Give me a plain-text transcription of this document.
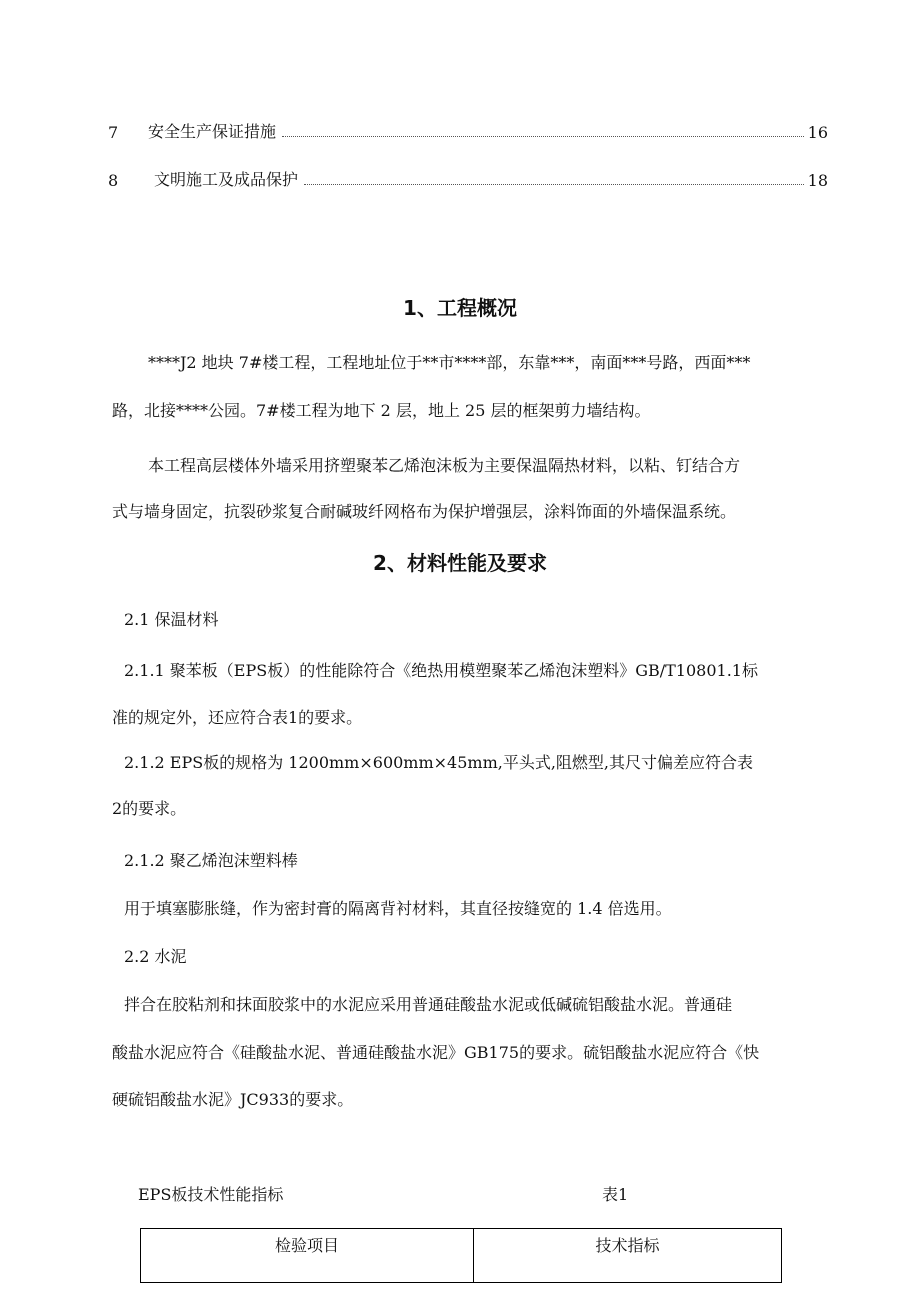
7	安全生产保证措施	16
8	文明施工及成品保护	18
1、工程概况
****J2 地块 7#楼工程，工程地址位于**市****部，东靠***，南面***号路，西面***
路，北接****公园。7#楼工程为地下 2 层，地上 25 层的框架剪力墙结构。
本工程高层楼体外墙采用挤塑聚苯乙烯泡沫板为主要保温隔热材料，以粘、钉结合方
式与墙身固定，抗裂砂浆复合耐碱玻纤网格布为保护增强层，涂料饰面的外墙保温系统。
2、材料性能及要求
2.1 保温材料
2.1.1 聚苯板（EPS板）的性能除符合《绝热用模塑聚苯乙烯泡沫塑料》GB/T10801.1标
准的规定外，还应符合表1的要求。
2.1.2 EPS板的规格为 1200mm×600mm×45mm,平头式,阻燃型,其尺寸偏差应符合表
2的要求。
2.1.2 聚乙烯泡沫塑料棒
用于填塞膨胀缝，作为密封膏的隔离背衬材料，其直径按缝宽的 1.4 倍选用。
2.2 水泥
拌合在胶粘剂和抹面胶浆中的水泥应采用普通硅酸盐水泥或低碱硫铝酸盐水泥。普通硅
酸盐水泥应符合《硅酸盐水泥、普通硅酸盐水泥》GB175的要求。硫铝酸盐水泥应符合《快
硬硫铝酸盐水泥》JC933的要求。
EPS板技术性能指标	表1
检验项目	技术指标
